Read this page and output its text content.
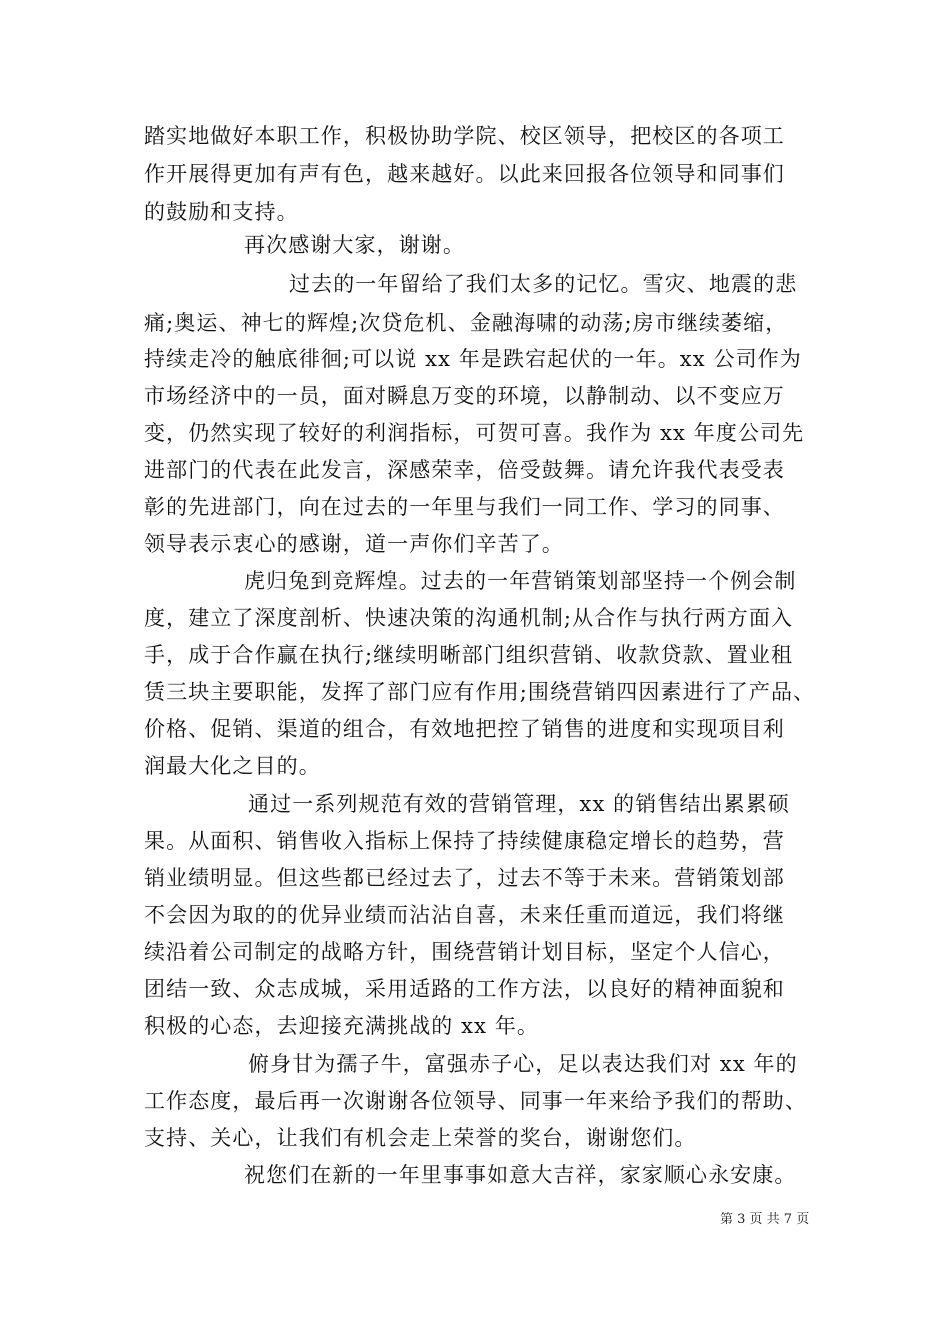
踏实地做好本职工作，积极协助学院、校区领导，把校区的各项工
作开展得更加有声有色，越来越好。以此来回报各位领导和同事们
的鼓励和支持。
再次感谢大家，谢谢。
过去的一年留给了我们太多的记忆。雪灾、地震的悲
痛;奥运、神七的辉煌;次贷危机、金融海啸的动荡;房市继续萎缩，
持续走冷的触底徘徊;可以说 xx 年是跌宕起伏的一年。xx 公司作为
市场经济中的一员，面对瞬息万变的环境，以静制动、以不变应万
变，仍然实现了较好的利润指标，可贺可喜。我作为 xx 年度公司先
进部门的代表在此发言，深感荣幸，倍受鼓舞。请允许我代表受表
彰的先进部门，向在过去的一年里与我们一同工作、学习的同事、
领导表示衷心的感谢，道一声你们辛苦了。
虎归兔到竞辉煌。过去的一年营销策划部坚持一个例会制
度，建立了深度剖析、快速决策的沟通机制;从合作与执行两方面入
手，成于合作赢在执行;继续明晰部门组织营销、收款贷款、置业租
赁三块主要职能，发挥了部门应有作用;围绕营销四因素进行了产品、
价格、促销、渠道的组合，有效地把控了销售的进度和实现项目利
润最大化之目的。
通过一系列规范有效的营销管理，xx 的销售结出累累硕
果。从面积、销售收入指标上保持了持续健康稳定增长的趋势，营
销业绩明显。但这些都已经过去了，过去不等于未来。营销策划部
不会因为取的的优异业绩而沾沾自喜，未来任重而道远，我们将继
续沿着公司制定的战略方针，围绕营销计划目标，坚定个人信心，
团结一致、众志成城，采用适路的工作方法，以良好的精神面貌和
积极的心态，去迎接充满挑战的 xx 年。
俯身甘为孺子牛，富强赤子心，足以表达我们对 xx 年的
工作态度，最后再一次谢谢各位领导、同事一年来给予我们的帮助、
支持、关心，让我们有机会走上荣誉的奖台，谢谢您们。
祝您们在新的一年里事事如意大吉祥，家家顺心永安康。
第 3 页 共 7 页
